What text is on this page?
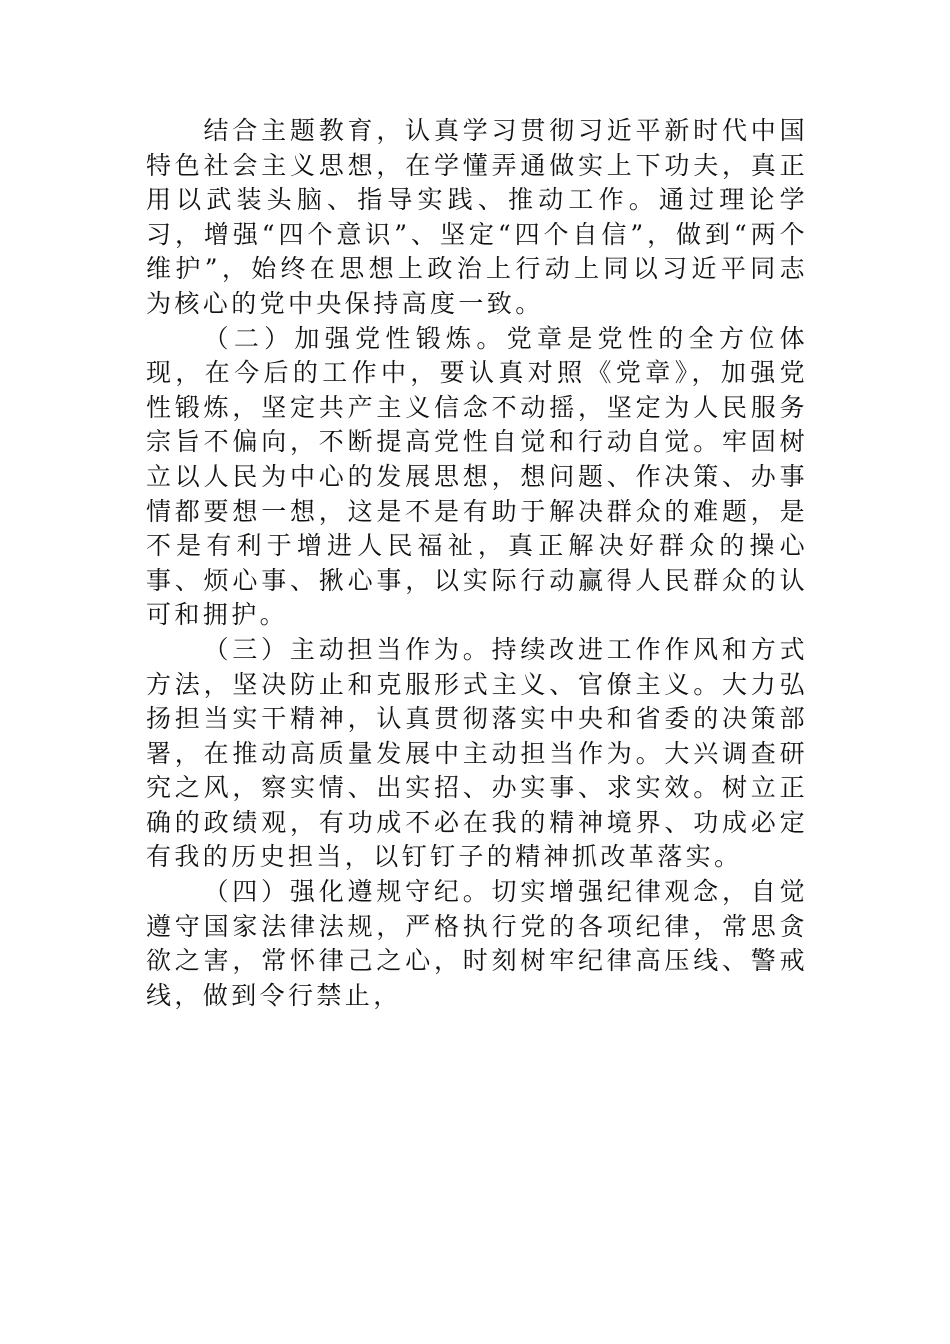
结合主题教育，认真学习贯彻习近平新时代中国特色社会主义思想，在学懂弄通做实上下功夫，真正用以武装头脑、指导实践、推动工作。通过理论学习，增强“四个意识”、坚定“四个自信”，做到“两个维护”，始终在思想上政治上行动上同以习近平同志为核心的党中央保持高度一致。

（二）加强党性锻炼。党章是党性的全方位体现，在今后的工作中，要认真对照《党章》，加强党性锻炼，坚定共产主义信念不动摇，坚定为人民服务宗旨不偏向，不断提高党性自觉和行动自觉。牢固树立以人民为中心的发展思想，想问题、作决策、办事情都要想一想，这是不是有助于解决群众的难题，是不是有利于增进人民福祉，真正解决好群众的操心事、烦心事、揪心事，以实际行动赢得人民群众的认可和拥护。

（三）主动担当作为。持续改进工作作风和方式方法，坚决防止和克服形式主义、官僚主义。大力弘扬担当实干精神，认真贯彻落实中央和省委的决策部署，在推动高质量发展中主动担当作为。大兴调查研究之风，察实情、出实招、办实事、求实效。树立正确的政绩观，有功成不必在我的精神境界、功成必定有我的历史担当，以钉钉子的精神抓改革落实。

（四）强化遵规守纪。切实增强纪律观念，自觉遵守国家法律法规，严格执行党的各项纪律，常思贪欲之害，常怀律己之心，时刻树牢纪律高压线、警戒线，做到令行禁止，
